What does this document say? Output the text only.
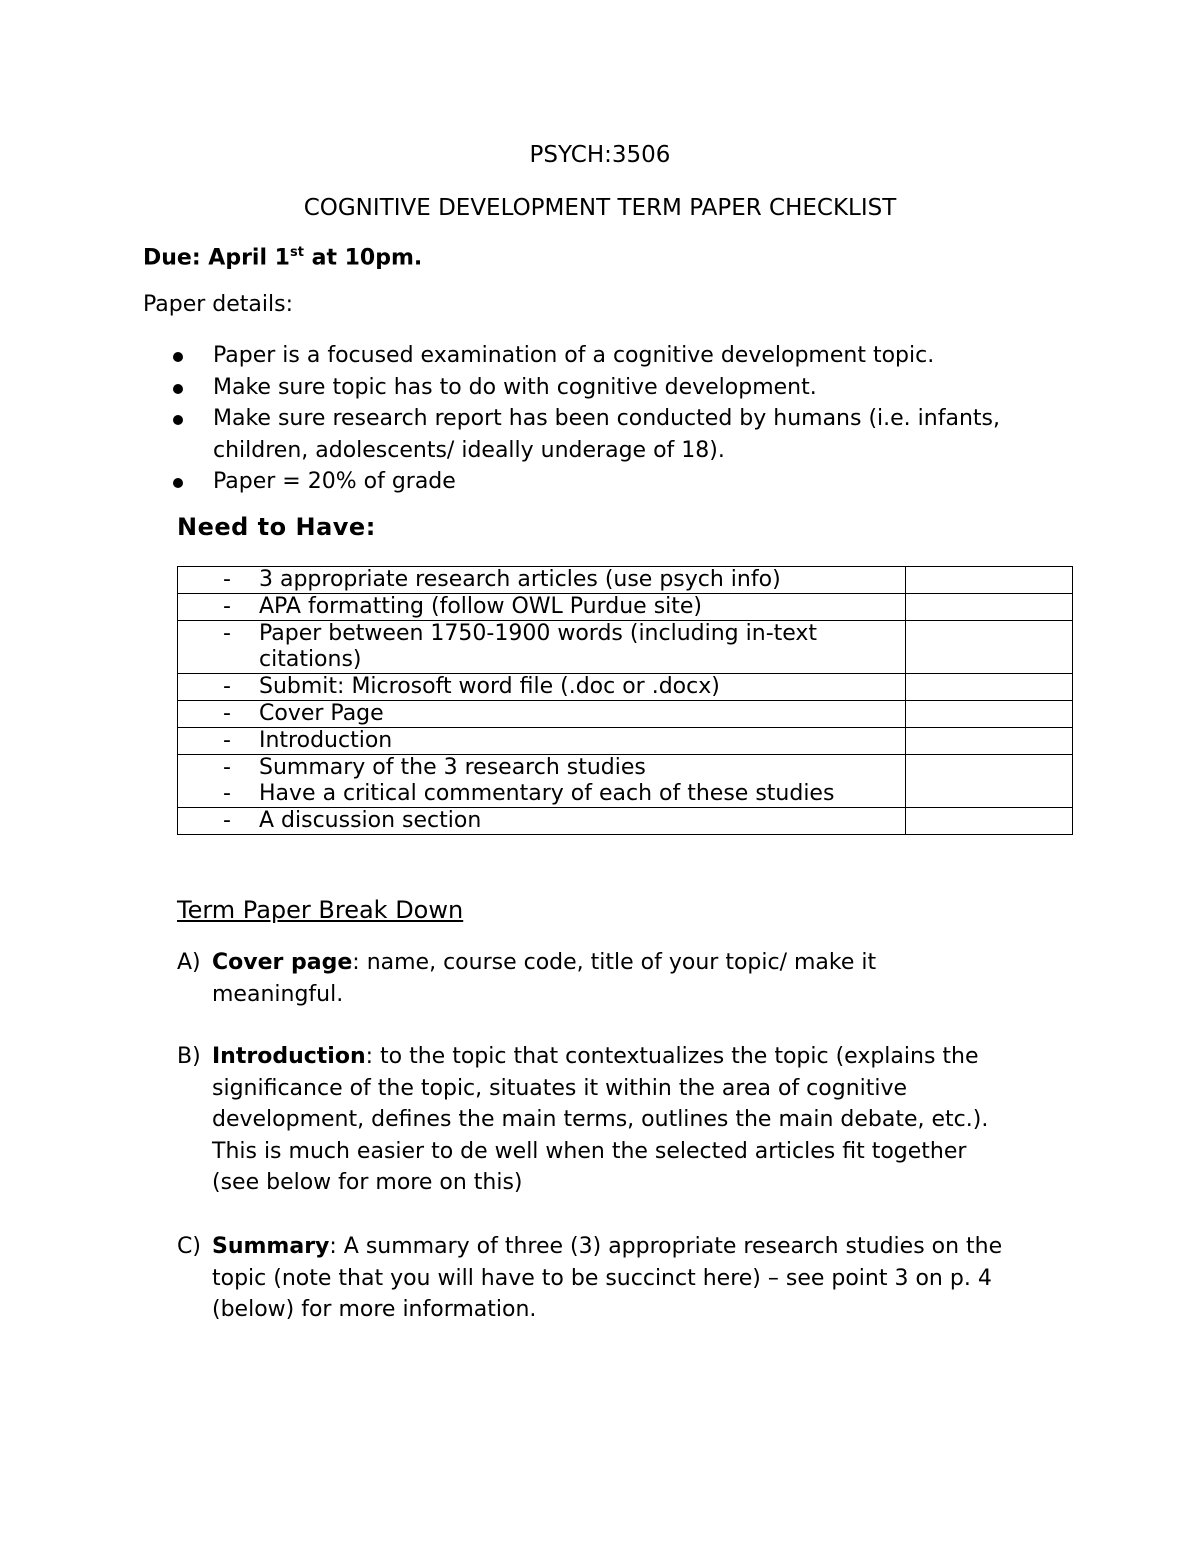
PSYCH:3506
COGNITIVE DEVELOPMENT TERM PAPER CHECKLIST
Due: April 1st at 10pm.
Paper details:
Paper is a focused examination of a cognitive development topic.
Make sure topic has to do with cognitive development.
Make sure research report has been conducted by humans (i.e. infants,
children, adolescents/ ideally underage of 18).
Paper = 20% of grade
Need to Have:
- 3 appropriate research articles (use psych info)	

- APA formatting (follow OWL Purdue site)	

- Paper between 1750-1900 words (including in-text
citations)	

- Submit: Microsoft word file (.doc or .docx)	

- Cover Page	

- Introduction	

- Summary of the 3 research studies
- Have a critical commentary of each of these studies	

- A discussion section	

Term Paper Break Down
A) Cover page: name, course code, title of your topic/ make it
meaningful.
B) Introduction: to the topic that contextualizes the topic (explains the
significance of the topic, situates it within the area of cognitive
development, defines the main terms, outlines the main debate, etc.).
This is much easier to de well when the selected articles fit together
(see below for more on this)
C) Summary: A summary of three (3) appropriate research studies on the
topic (note that you will have to be succinct here) – see point 3 on p. 4
(below) for more information.
